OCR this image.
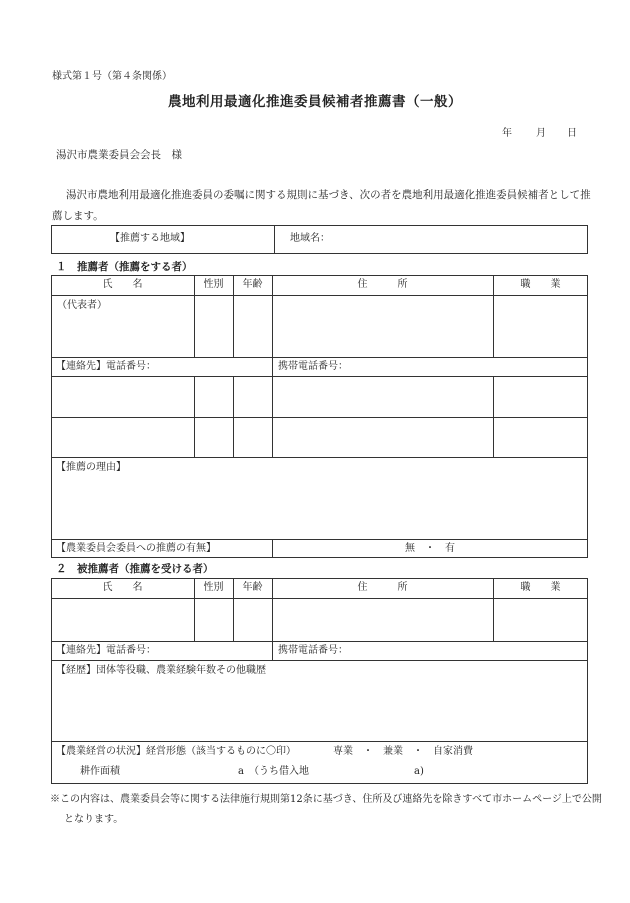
様式第１号（第４条関係）
農地利用最適化推進委員候補者推薦書（一般）
年 月 日
湯沢市農業委員会会長　様
湯沢市農地利用最適化推進委員の委嘱に関する規則に基づき、次の者を農地利用最適化推進委員候補者として推薦します。
【推薦する地域】	地域名：
１　推薦者（推薦をする者）
氏　　名	性別	年齢	住　　　所	職　　業
（代表者）
【連絡先】電話番号：	携帯電話番号：
【推薦の理由】
【農業委員会委員への推薦の有無】	無　・　有
２　被推薦者（推薦を受ける者）
氏　　名	性別	年齢	住　　　所	職　　業
【連絡先】電話番号：	携帯電話番号：
【経歴】団体等役職、農業経験年数その他職歴
【農業経営の状況】経営形態（該当するものに〇印）	専業　・　兼業　・　自家消費
耕作面積	a　（うち借入地	a)
※この内容は、農業委員会等に関する法律施行規則第12条に基づき、住所及び連絡先を除きすべて市ホームページ上で公開となります。
